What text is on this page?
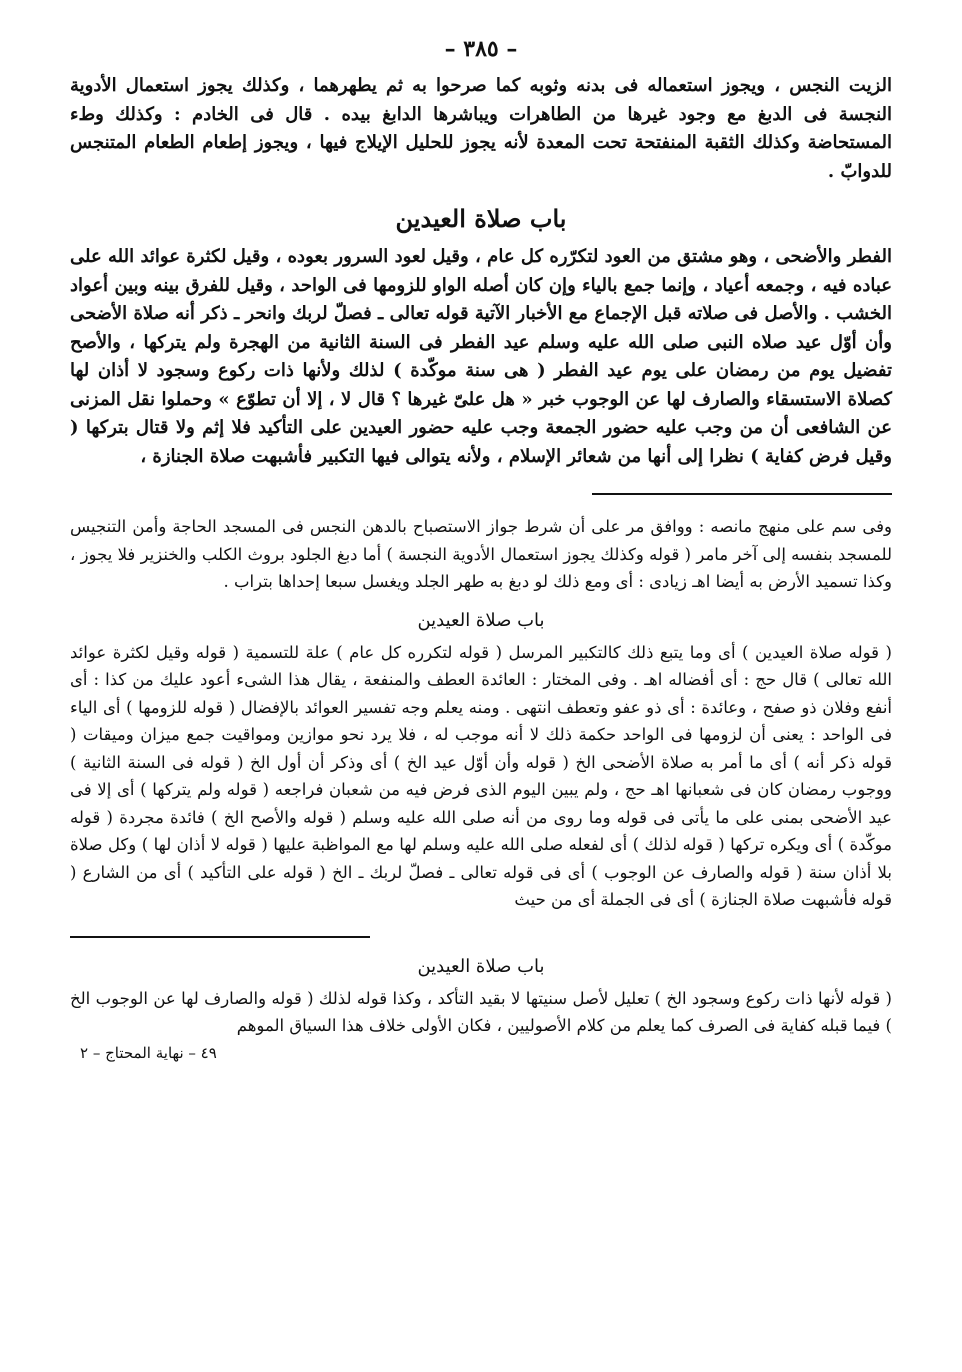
– ٣٨٥ –

الزيت النجس ، ويجوز استعماله فى بدنه وثوبه كما صرحوا به ثم يطهرهما ، وكذلك يجوز استعمال الأدوية النجسة فى الدبغ مع وجود غيرها من الطاهرات ويباشرها الدابغ بيده . قال فى الخادم : وكذلك وطء المستحاضة وكذلك الثقبة المنفتحة تحت المعدة لأنه يجوز للحليل الإيلاج فيها ، ويجوز إطعام الطعام المتنجس للدوابّ .

باب صلاة العيدين

الفطر والأضحى ، وهو مشتق من العود لتكرّره كل عام ، وقيل لعود السرور بعوده ، وقيل لكثرة عوائد الله على عباده فيه ، وجمعه أعياد ، وإنما جمع بالياء وإن كان أصله الواو للزومها فى الواحد ، وقيل للفرق بينه وبين أعواد الخشب . والأصل فى صلاته قبل الإجماع مع الأخبار الآتية قوله تعالى ـ فصلّ لربك وانحر ـ ذكر أنه صلاة الأضحى وأن أوّل عيد صلاه النبى صلى الله عليه وسلم عيد الفطر فى السنة الثانية من الهجرة ولم يتركها ، والأصح تفضيل يوم من رمضان على يوم عيد الفطر ( هى سنة موكّدة ) لذلك ولأنها ذات ركوع وسجود لا أذان لها كصلاة الاستسقاء والصارف لها عن الوجوب خبر « هل علىّ غيرها ؟ قال لا ، إلا أن تطوّع » وحملوا نقل المزنى عن الشافعى أن من وجب عليه حضور الجمعة وجب عليه حضور العيدين على التأكيد فلا إثم ولا قتال بتركها ( وقيل فرض كفاية ) نظرا إلى أنها من شعائر الإسلام ، ولأنه يتوالى فيها التكبير فأشبهت صلاة الجنازة ،

وفى سم على منهج مانصه : ووافق مر على أن شرط جواز الاستصباح بالدهن النجس فى المسجد الحاجة وأمن التنجيس للمسجد بنفسه إلى آخر مامر ( قوله وكذلك يجوز استعمال الأدوية النجسة ) أما دبغ الجلود بروث الكلب والخنزير فلا يجوز ، وكذا تسميد الأرض به أيضا اهـ زيادى : أى ومع ذلك لو دبغ به طهر الجلد ويغسل سبعا إحداها بتراب .

باب صلاة العيدين

( قوله صلاة العيدين ) أى وما يتبع ذلك كالتكبير المرسل ( قوله لتكرره كل عام ) علة للتسمية ( قوله وقيل لكثرة عوائد الله تعالى ) قال حج : أى أفضاله اهـ . وفى المختار : العائدة العطف والمنفعة ، يقال هذا الشىء أعود عليك من كذا : أى أنفع وفلان ذو صفح ، وعائدة : أى ذو عفو وتعطف انتهى . ومنه يعلم وجه تفسير العوائد بالإفضال ( قوله للزومها ) أى الياء فى الواحد : يعنى أن لزومها فى الواحد حكمة ذلك لا أنه موجب له ، فلا يرد نحو موازين ومواقيت جمع ميزان وميقات ( قوله ذكر أنه ) أى ما أمر به صلاة الأضحى الخ ( قوله وأن أوّل عيد الخ ) أى وذكر أن أول الخ ( قوله فى السنة الثانية ) ووجوب رمضان كان فى شعبانها اهـ حج ، ولم يبين اليوم الذى فرض فيه من شعبان فراجعه ( قوله ولم يتركها ) أى إلا فى عيد الأضحى بمنى على ما يأتى فى قوله وما روى من أنه صلى الله عليه وسلم ( قوله والأصح الخ ) فائدة مجردة ( قوله موكّدة ) أى ويكره تركها ( قوله لذلك ) أى لفعله صلى الله عليه وسلم لها مع المواظبة عليها ( قوله لا أذان لها ) وكل صلاة بلا أذان سنة ( قوله والصارف عن الوجوب ) أى فى قوله تعالى ـ فصلّ لربك ـ الخ ( قوله على التأكيد ) أى من الشارع ( قوله فأشبهت صلاة الجنازة ) أى فى الجملة أى من حيث

باب صلاة العيدين

( قوله لأنها ذات ركوع وسجود الخ ) تعليل لأصل سنيتها لا بقيد التأكد ، وكذا قوله لذلك ( قوله والصارف لها عن الوجوب الخ ) فيما قبله كفاية فى الصرف كما يعلم من كلام الأصوليين ، فكان الأولى خلاف هذا السياق الموهم

٤٩ – نهاية المحتاج – ٢
